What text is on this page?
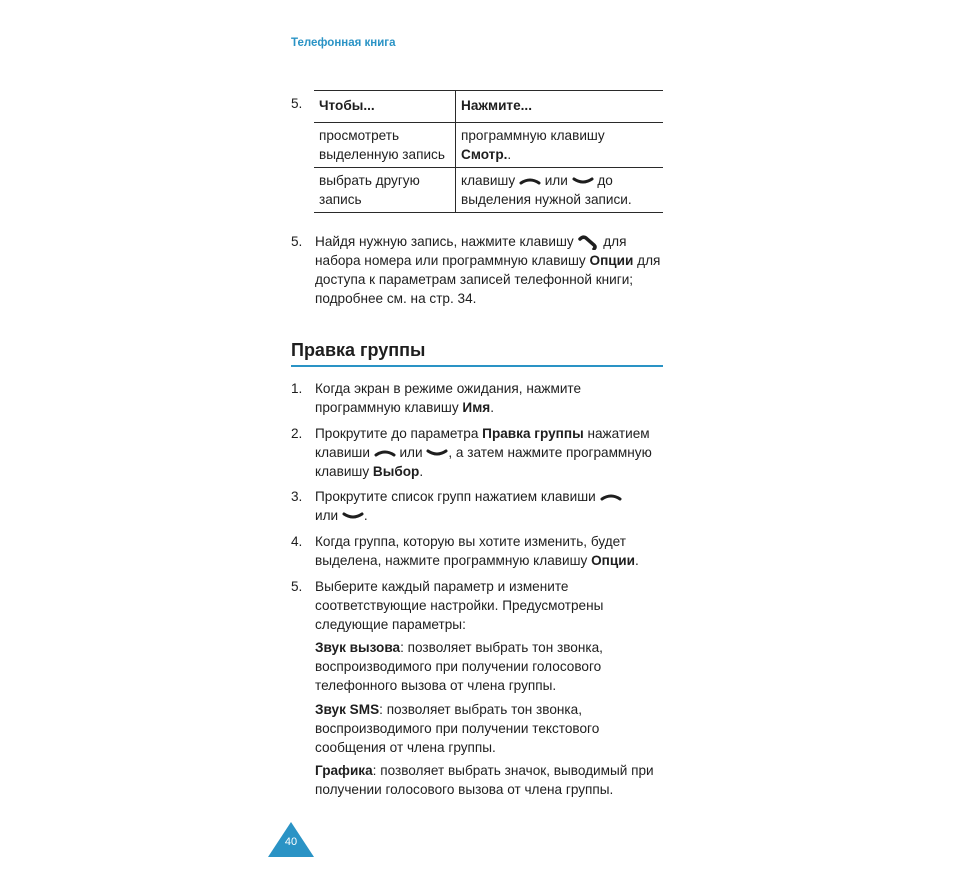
Телефонная книга
5. Чтобы...	Нажмите...
просмотреть выделенную запись	программную клавишу Смотр..
выбрать другую запись	клавишу или до выделения нужной записи.
5. Найдя нужную запись, нажмите клавишу  для набора номера или программную клавишу Опции для доступа к параметрам записей телефонной книги; подробнее см. на стр. 34.
Правка группы
1. Когда экран в режиме ожидания, нажмите программную клавишу Имя.
2. Прокрутите до параметра Правка группы нажатием клавиши или , а затем нажмите программную клавишу Выбор.
3. Прокрутите список групп нажатием клавиши
или .
4. Когда группа, которую вы хотите изменить, будет выделена, нажмите программную клавишу Опции.
5. Выберите каждый параметр и измените соответствующие настройки. Предусмотрены следующие параметры:
Звук вызова: позволяет выбрать тон звонка, воспроизводимого при получении голосового телефонного вызова от члена группы.
Звук SMS: позволяет выбрать тон звонка, воспроизводимого при получении текстового сообщения от члена группы.
Графика: позволяет выбрать значок, выводимый при получении голосового вызова от члена группы.
40
